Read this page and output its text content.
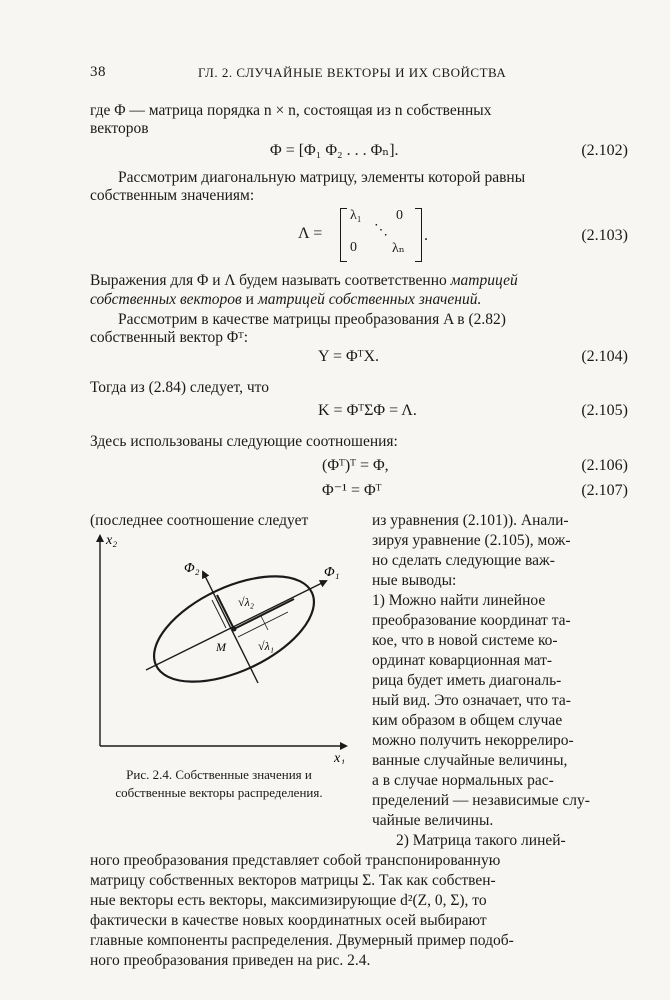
38	ГЛ. 2. СЛУЧАЙНЫЕ ВЕКТОРЫ И ИХ СВОЙСТВА
где Φ — матрица порядка n × n, состоящая из n собственных
векторов
Φ = [Φ₁ Φ₂ . . . Φₙ].	(2.102)
Рассмотрим диагональную матрицу, элементы которой равны
собственным значениям:
Λ =
λ₁ 0
⋱
0	λₙ
.	(2.103)
Выражения для Φ и Λ будем называть соответственно матрицей
собственных векторов и матрицей собственных значений.
Рассмотрим в качестве матрицы преобразования A в (2.82)
собственный вектор Φᵀ:
Y = ΦᵀX.	(2.104)
Тогда из (2.84) следует, что
K = ΦᵀΣΦ = Λ.	(2.105)
Здесь использованы следующие соотношения:
(Φᵀ)ᵀ = Φ,	(2.106)
Φ⁻¹ = Φᵀ	(2.107)
(последнее соотношение следует	из уравнения (2.101)). Анали-
зируя уравнение (2.105), мож-
но сделать следующие важ-
ные выводы:
1) Можно найти линейное
преобразование координат та-
кое, что в новой системе ко-
ординат коварционная мат-
рица будет иметь диагональ-
ный вид. Это означает, что та-
ким образом в общем случае
можно получить некоррелиро-
ванные случайные величины,
а в случае нормальных рас-
пределений — независимые слу-
чайные величины.
x₂
x₁
Φ₁
Φ₂
√λ₂
√λ₁
M
Рис. 2.4. Собственные значения и
собственные векторы распределения.
2) Матрица такого линей-
ного преобразования представляет собой транспонированную
матрицу собственных векторов матрицы Σ. Так как собствен-
ные векторы есть векторы, максимизирующие d²(Z, 0, Σ), то
фактически в качестве новых координатных осей выбирают
главные компоненты распределения. Двумерный пример подоб-
ного преобразования приведен на рис. 2.4.
